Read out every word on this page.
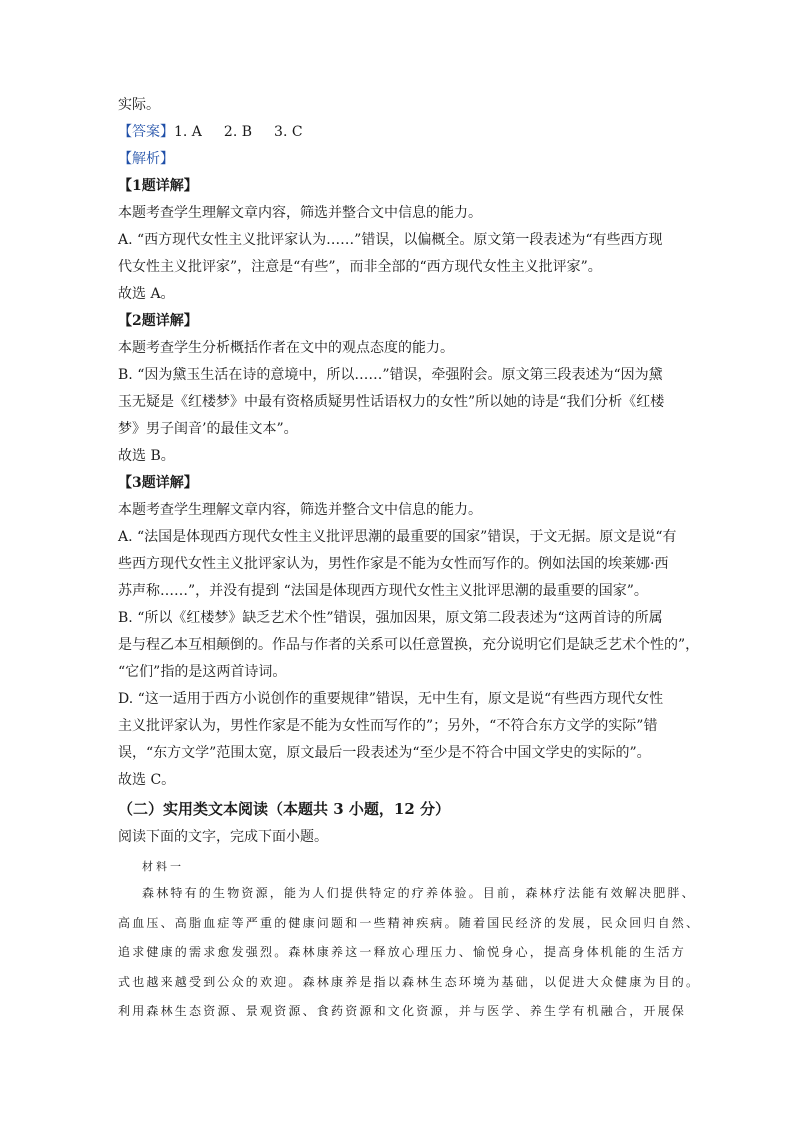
实际。

【答案】1. A 2. B 3. C

【解析】

【1题详解】

本题考查学生理解文章内容，筛选并整合文中信息的能力。

A. “西方现代女性主义批评家认为……”错误，以偏概全。原文第一段表述为“有些西方现

代女性主义批评家”，注意是“有些”，而非全部的“西方现代女性主义批评家”。

故选 A。

【2题详解】

本题考查学生分析概括作者在文中的观点态度的能力。

B. “因为黛玉生活在诗的意境中，所以……”错误，牵强附会。原文第三段表述为“因为黛

玉无疑是《红楼梦》中最有资格质疑男性话语权力的女性”所以她的诗是“我们分析《红楼

梦》男子闺音’的最佳文本”。

故选 B。

【3题详解】

本题考查学生理解文章内容，筛选并整合文中信息的能力。

A. “法国是体现西方现代女性主义批评思潮的最重要的国家”错误，于文无据。原文是说“有

些西方现代女性主义批评家认为，男性作家是不能为女性而写作的。例如法国的埃莱娜·西

苏声称……”，并没有提到 “法国是体现西方现代女性主义批评思潮的最重要的国家”。

B. “所以《红楼梦》缺乏艺术个性”错误，强加因果，原文第二段表述为“这两首诗的所属

是与程乙本互相颠倒的。作品与作者的关系可以任意置换，充分说明它们是缺乏艺术个性的”，

“它们”指的是这两首诗词。

D. “这一适用于西方小说创作的重要规律”错误，无中生有，原文是说“有些西方现代女性

主义批评家认为，男性作家是不能为女性而写作的”；另外，“不符合东方文学的实际”错

误，“东方文学”范围太宽，原文最后一段表述为“至少是不符合中国文学史的实际的”。

故选 C。

（二）实用类文本阅读（本题共 3 小题，12 分）

阅读下面的文字，完成下面小题。

材料一

森林特有的生物资源，能为人们提供特定的疗养体验。目前，森林疗法能有效解决肥胖、

高血压、高脂血症等严重的健康问题和一些精神疾病。随着国民经济的发展，民众回归自然、

追求健康的需求愈发强烈。森林康养这一释放心理压力、愉悦身心，提高身体机能的生活方

式也越来越受到公众的欢迎。森林康养是指以森林生态环境为基础，以促进大众健康为目的。

利用森林生态资源、景观资源、食药资源和文化资源，并与医学、养生学有机融合，开展保
